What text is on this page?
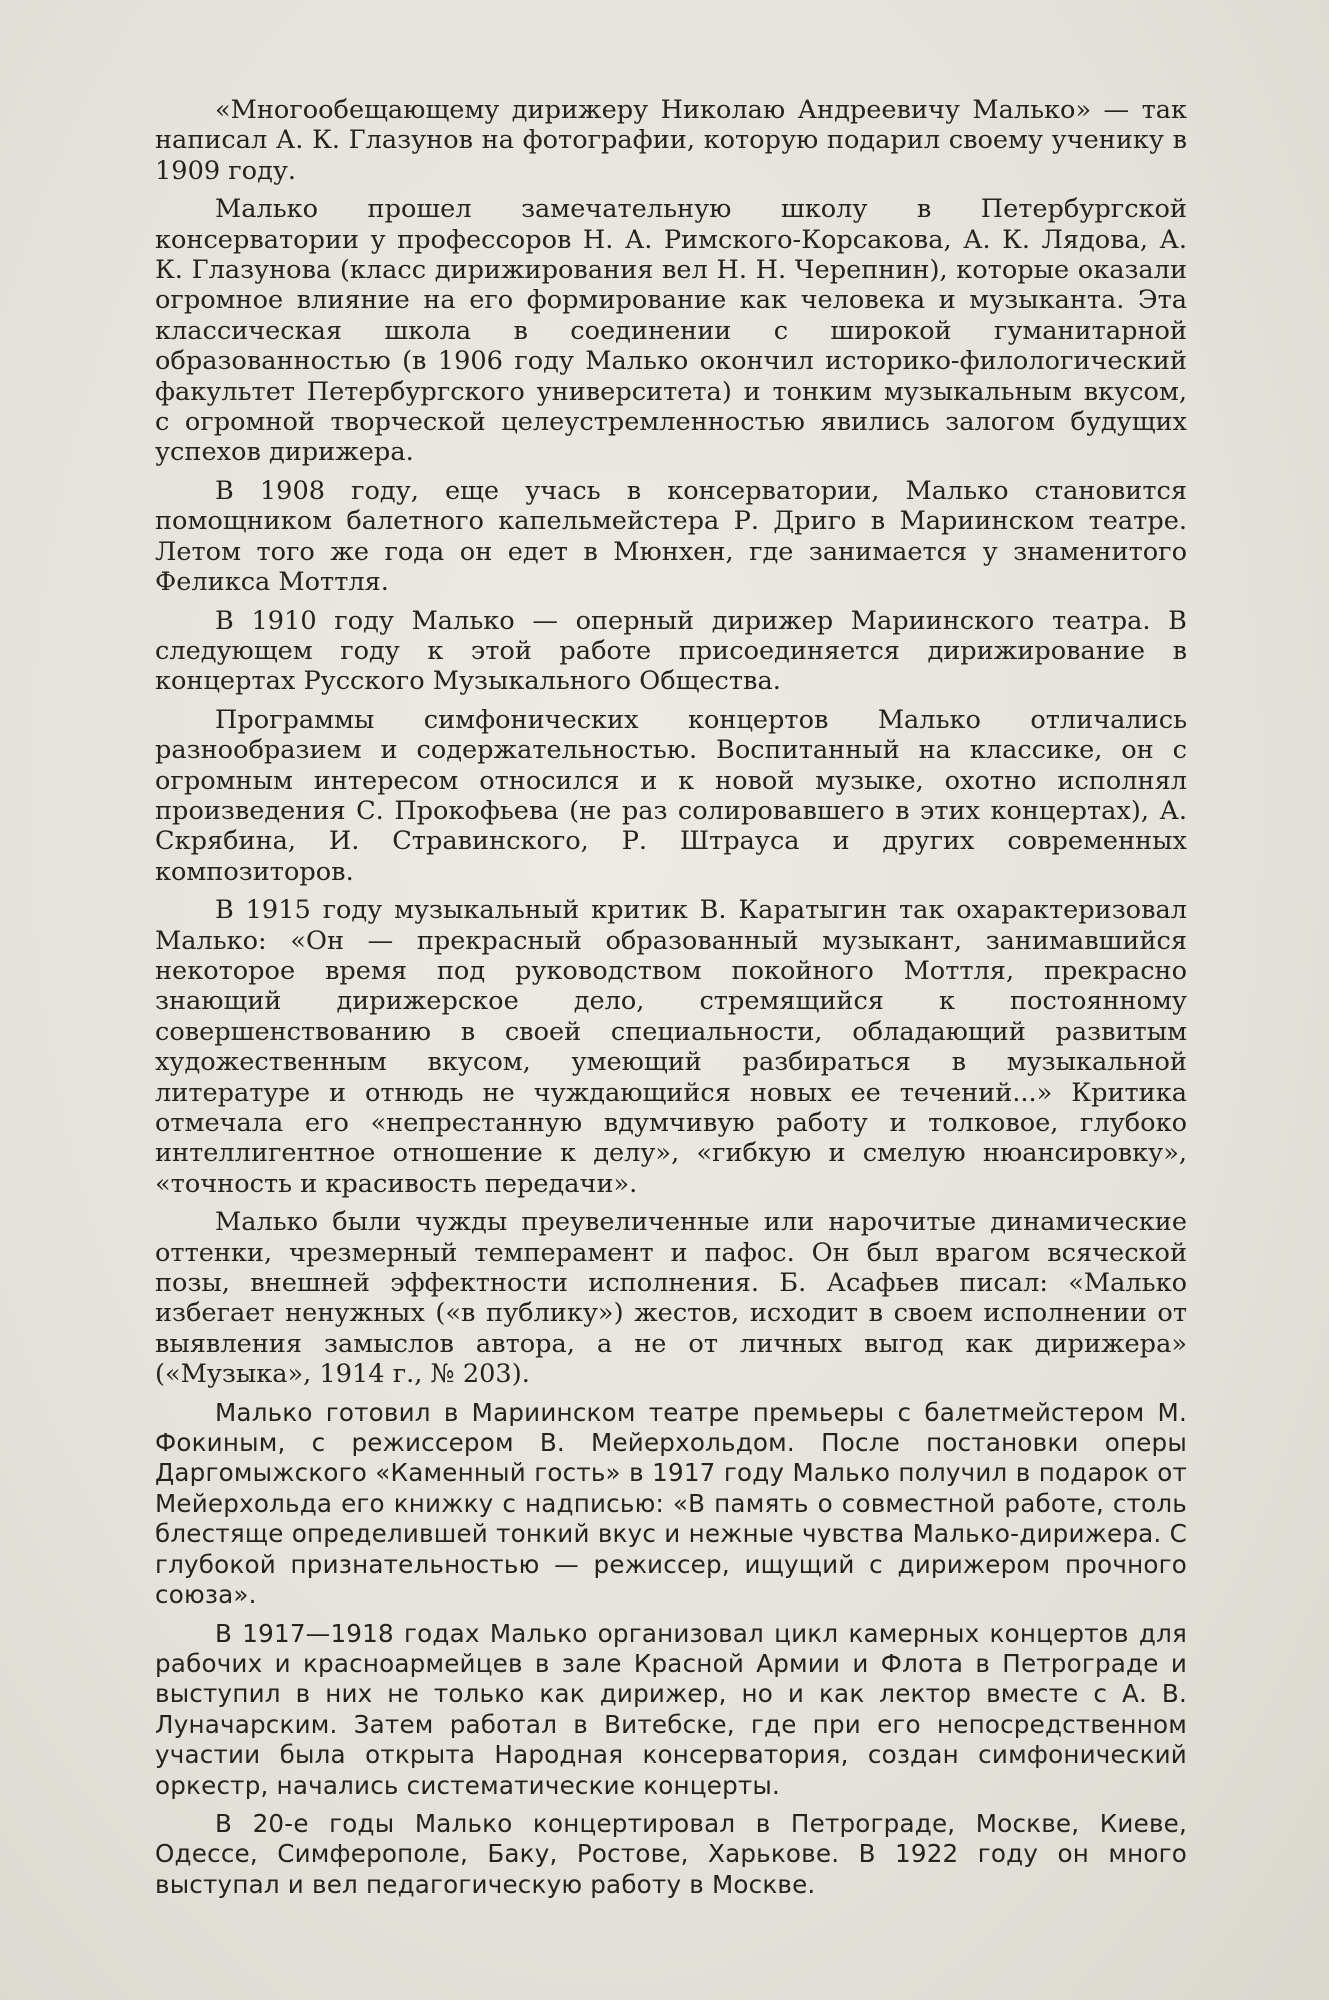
«Многообещающему дирижеру Николаю Андреевичу Малько» — так написал А. К. Глазунов на фотографии, которую подарил своему ученику в 1909 году.

Малько прошел замечательную школу в Петербургской консерватории у профессоров Н. А. Римского-Корсакова, А. К. Лядова, А. К. Глазунова (класс дирижирования вел Н. Н. Черепнин), которые оказали огромное влияние на его формирование как человека и музыканта. Эта классическая школа в соединении с широкой гуманитарной образованностью (в 1906 году Малько окончил историко-филологический факультет Петербургского университета) и тонким музыкальным вкусом, с огромной творческой целеустремленностью явились залогом будущих успехов дирижера.

В 1908 году, еще учась в консерватории, Малько становится помощником балетного капельмейстера Р. Дриго в Мариинском театре. Летом того же года он едет в Мюнхен, где занимается у знаменитого Феликса Моттля.

В 1910 году Малько — оперный дирижер Мариинского театра. В следующем году к этой работе присоединяется дирижирование в концертах Русского Музыкального Общества.

Программы симфонических концертов Малько отличались разнообразием и содержательностью. Воспитанный на классике, он с огромным интересом относился и к новой музыке, охотно исполнял произведения С. Прокофьева (не раз солировавшего в этих концертах), А. Скрябина, И. Стравинского, Р. Штрауса и других современных композиторов.

В 1915 году музыкальный критик В. Каратыгин так охарактеризовал Малько: «Он — прекрасный образованный музыкант, занимавшийся некоторое время под руководством покойного Моттля, прекрасно знающий дирижерское дело, стремящийся к постоянному совершенствованию в своей специальности, обладающий развитым художественным вкусом, умеющий разбираться в музыкальной литературе и отнюдь не чуждающийся новых ее течений...» Критика отмечала его «непрестанную вдумчивую работу и толковое, глубоко интеллигентное отношение к делу», «гибкую и смелую нюансировку», «точность и красивость передачи».

Малько были чужды преувеличенные или нарочитые динамические оттенки, чрезмерный темперамент и пафос. Он был врагом всяческой позы, внешней эффектности исполнения. Б. Асафьев писал: «Малько избегает ненужных («в публику») жестов, исходит в своем исполнении от выявления замыслов автора, а не от личных выгод как дирижера» («Музыка», 1914 г., № 203).

Малько готовил в Мариинском театре премьеры с балетмейстером М. Фокиным, с режиссером В. Мейерхольдом. После постановки оперы Даргомыжского «Каменный гость» в 1917 году Малько получил в подарок от Мейерхольда его книжку с надписью: «В память о совместной работе, столь блестяще определившей тонкий вкус и нежные чувства Малько-дирижера. С глубокой признательностью — режиссер, ищущий с дирижером прочного союза».

В 1917—1918 годах Малько организовал цикл камерных концертов для рабочих и красноармейцев в зале Красной Армии и Флота в Петрограде и выступил в них не только как дирижер, но и как лектор вместе с А. В. Луначарским. Затем работал в Витебске, где при его непосредственном участии была открыта Народная консерватория, создан симфонический оркестр, начались систематические концерты.

В 20-е годы Малько концертировал в Петрограде, Москве, Киеве, Одессе, Симферополе, Баку, Ростове, Харькове. В 1922 году он много выступал и вел педагогическую работу в Москве.
